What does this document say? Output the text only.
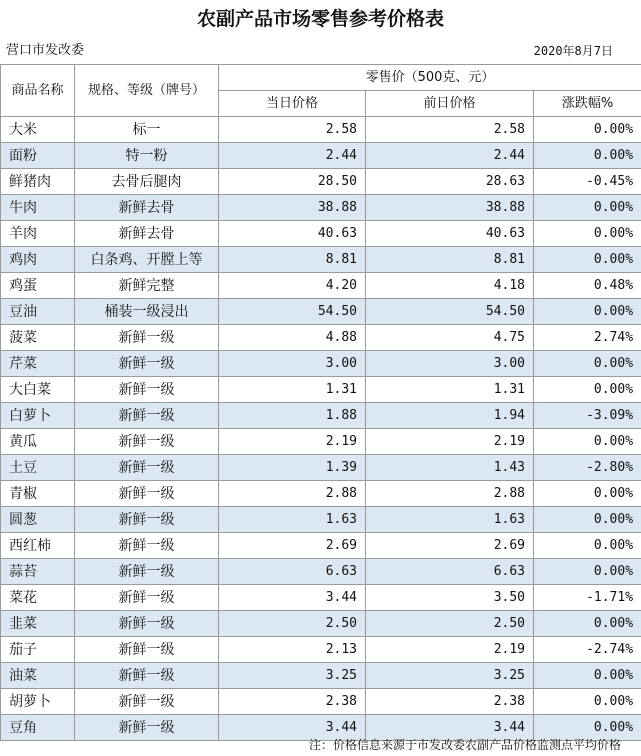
农副产品市场零售参考价格表
营口市发改委	2020年8月7日
商品名称	规格、等级（牌号）	零售价（500克、元）		
		当日价格	前日价格	涨跌幅%
大米	标一	2.58	2.58	0.00%
面粉	特一粉	2.44	2.44	0.00%
鲜猪肉	去骨后腿肉	28.50	28.63	-0.45%
牛肉	新鲜去骨	38.88	38.88	0.00%
羊肉	新鲜去骨	40.63	40.63	0.00%
鸡肉	白条鸡、开膛上等	8.81	8.81	0.00%
鸡蛋	新鲜完整	4.20	4.18	0.48%
豆油	桶装一级浸出	54.50	54.50	0.00%
菠菜	新鲜一级	4.88	4.75	2.74%
芹菜	新鲜一级	3.00	3.00	0.00%
大白菜	新鲜一级	1.31	1.31	0.00%
白萝卜	新鲜一级	1.88	1.94	-3.09%
黄瓜	新鲜一级	2.19	2.19	0.00%
土豆	新鲜一级	1.39	1.43	-2.80%
青椒	新鲜一级	2.88	2.88	0.00%
圆葱	新鲜一级	1.63	1.63	0.00%
西红柿	新鲜一级	2.69	2.69	0.00%
蒜苔	新鲜一级	6.63	6.63	0.00%
菜花	新鲜一级	3.44	3.50	-1.71%
韭菜	新鲜一级	2.50	2.50	0.00%
茄子	新鲜一级	2.13	2.19	-2.74%
油菜	新鲜一级	3.25	3.25	0.00%
胡萝卜	新鲜一级	2.38	2.38	0.00%
豆角	新鲜一级	3.44	3.44	0.00%
注：价格信息来源于市发改委农副产品价格监测点平均价格
